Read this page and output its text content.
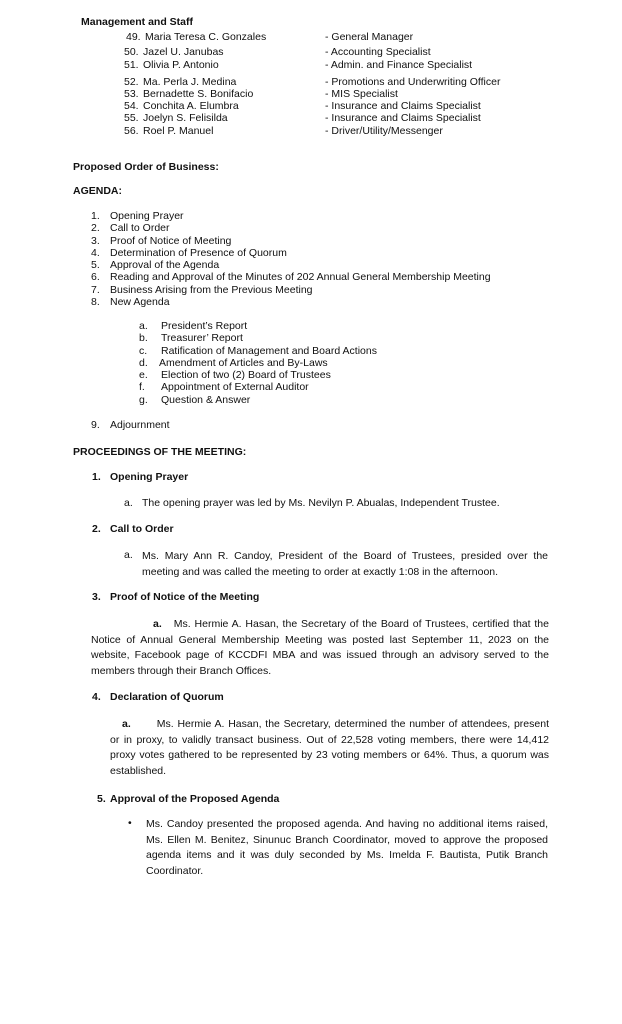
Management and Staff
49. Maria Teresa C. Gonzales	- General Manager
50. Jazel U. Janubas	- Accounting Specialist
51. Olivia P. Antonio	- Admin. and Finance Specialist
52. Ma. Perla J. Medina	- Promotions and Underwriting Officer
53. Bernadette S. Bonifacio	- MIS Specialist
54. Conchita A. Elumbra	- Insurance and Claims Specialist
55. Joelyn S. Felisilda	- Insurance and Claims Specialist
56. Roel P. Manuel	- Driver/Utility/Messenger
Proposed Order of Business:
AGENDA:
1. Opening Prayer
2. Call to Order
3. Proof of Notice of Meeting
4. Determination of Presence of Quorum
5. Approval of the Agenda
6. Reading and Approval of the Minutes of 202 Annual General Membership Meeting
7. Business Arising from the Previous Meeting
8. New Agenda
a. President’s Report
b. Treasurer’ Report
c. Ratification of Management and Board Actions
d. Amendment of Articles and By-Laws
e. Election of two (2) Board of Trustees
f. Appointment of External Auditor
g. Question & Answer
9. Adjournment
PROCEEDINGS OF THE MEETING:
1. Opening Prayer
a. The opening prayer was led by Ms. Nevilyn P. Abualas, Independent Trustee.
2. Call to Order
a. Ms. Mary Ann R. Candoy, President of the Board of Trustees, presided over the meeting and was called the meeting to order at exactly 1:08 in the afternoon.
3. Proof of Notice of the Meeting
a. Ms. Hermie A. Hasan, the Secretary of the Board of Trustees, certified that the Notice of Annual General Membership Meeting was posted last September 11, 2023 on the website, Facebook page of KCCDFI MBA and was issued through an advisory served to the members through their Branch Offices.
4. Declaration of Quorum
a. Ms. Hermie A. Hasan, the Secretary, determined the number of attendees, present or in proxy, to validly transact business. Out of 22,528 voting members, there were 14,412 proxy votes gathered to be represented by 23 voting members or 64%. Thus, a quorum was established.
5. Approval of the Proposed Agenda
• Ms. Candoy presented the proposed agenda. And having no additional items raised, Ms. Ellen M. Benitez, Sinunuc Branch Coordinator, moved to approve the proposed agenda items and it was duly seconded by Ms. Imelda F. Bautista, Putik Branch Coordinator.
